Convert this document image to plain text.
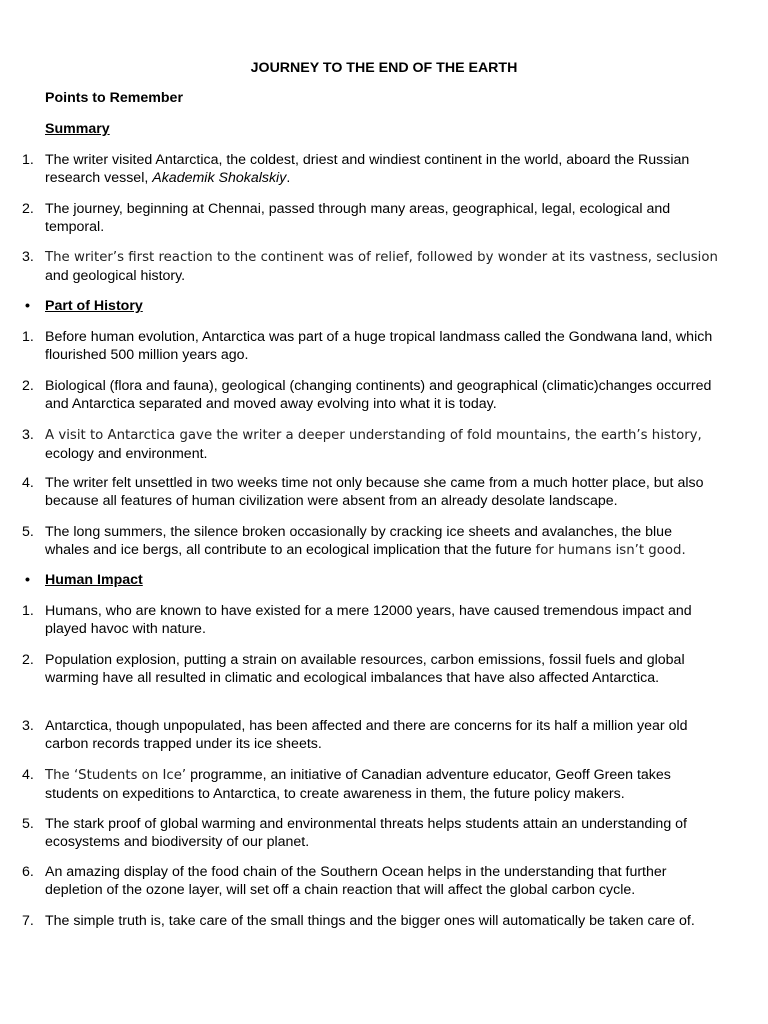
JOURNEY TO THE END OF THE EARTH
Points to Remember
Summary
1. The writer visited Antarctica, the coldest, driest and windiest continent in the world, aboard the Russian research vessel, Akademik Shokalskiy.
2. The journey, beginning at Chennai, passed through many areas, geographical, legal, ecological and temporal.
3. The writer’s first reaction to the continent was of relief, followed by wonder at its vastness, seclusion
and geological history.
• Part of History
1. Before human evolution, Antarctica was part of a huge tropical landmass called the Gondwana land, which flourished 500 million years ago.
2. Biological (flora and fauna), geological (changing continents) and geographical (climatic)changes occurred and Antarctica separated and moved away evolving into what it is today.
3. A visit to Antarctica gave the writer a deeper understanding of fold mountains, the earth’s history,
ecology and environment.
4. The writer felt unsettled in two weeks time not only because she came from a much hotter place, but also because all features of human civilization were absent from an already desolate landscape.
5. The long summers, the silence broken occasionally by cracking ice sheets and avalanches, the blue whales and ice bergs, all contribute to an ecological implication that the future for humans isn’t good.
• Human Impact
1. Humans, who are known to have existed for a mere 12000 years, have caused tremendous impact and played havoc with nature.
2. Population explosion, putting a strain on available resources, carbon emissions, fossil fuels and global warming have all resulted in climatic and ecological imbalances that have also affected Antarctica.
3. Antarctica, though unpopulated, has been affected and there are concerns for its half a million year old carbon records trapped under its ice sheets.
4. The ‘Students on Ice’ programme, an initiative of Canadian adventure educator, Geoff Green takes students on expeditions to Antarctica, to create awareness in them, the future policy makers.
5. The stark proof of global warming and environmental threats helps students attain an understanding of ecosystems and biodiversity of our planet.
6. An amazing display of the food chain of the Southern Ocean helps in the understanding that further depletion of the ozone layer, will set off a chain reaction that will affect the global carbon cycle.
7. The simple truth is, take care of the small things and the bigger ones will automatically be taken care of.
